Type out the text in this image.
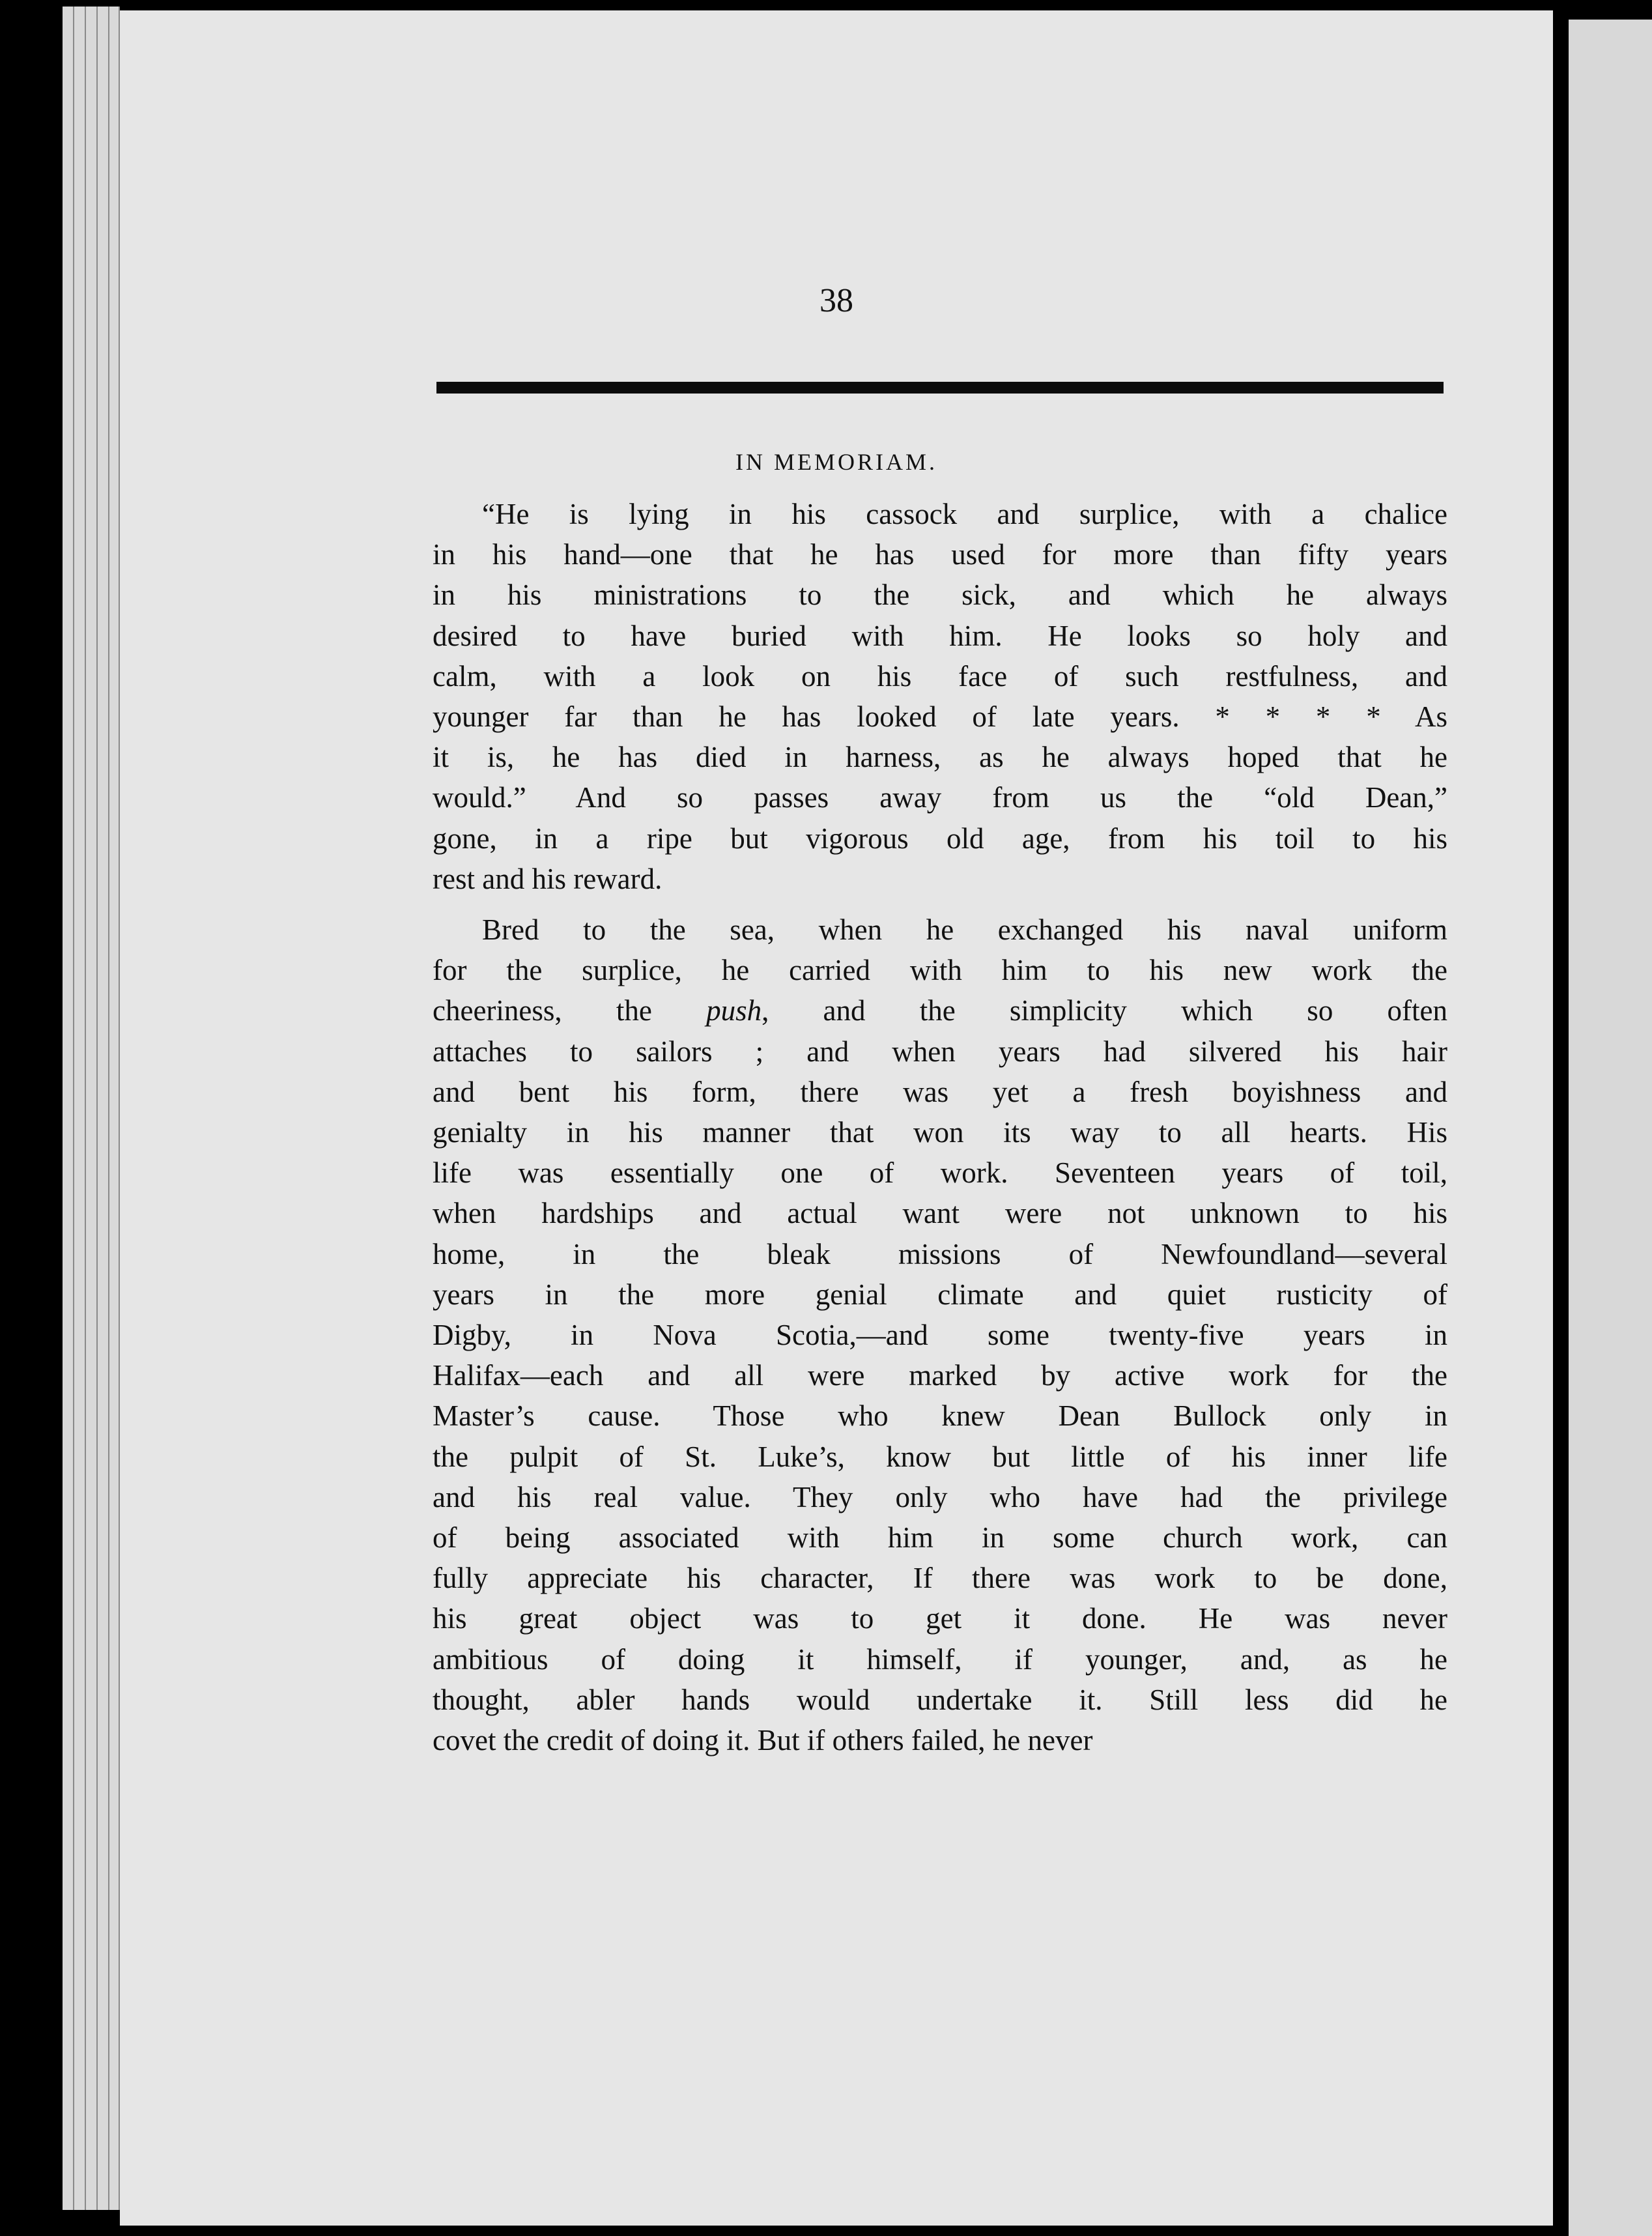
38
IN MEMORIAM.
“He is lying in his cassock and surplice, with a chalice
in his hand—one that he has used for more than fifty years
in his ministrations to the sick, and which he always
desired to have buried with him. He looks so holy and
calm, with a look on his face of such restfulness, and
younger far than he has looked of late years. * * * * As
it is, he has died in harness, as he always hoped that he
would.” And so passes away from us the “old Dean,”
gone, in a ripe but vigorous old age, from his toil to his
rest and his reward.
Bred to the sea, when he exchanged his naval uniform
for the surplice, he carried with him to his new work the
cheeriness, the push, and the simplicity which so often
attaches to sailors ; and when years had silvered his hair
and bent his form, there was yet a fresh boyishness and
genialty in his manner that won its way to all hearts. His
life was essentially one of work. Seventeen years of toil,
when hardships and actual want were not unknown to his
home, in the bleak missions of Newfoundland—several
years in the more genial climate and quiet rusticity of
Digby, in Nova Scotia,—and some twenty-five years in
Halifax—each and all were marked by active work for the
Master’s cause. Those who knew Dean Bullock only in
the pulpit of St. Luke’s, know but little of his inner life
and his real value. They only who have had the privilege
of being associated with him in some church work, can
fully appreciate his character, If there was work to be done,
his great object was to get it done. He was never
ambitious of doing it himself, if younger, and, as he
thought, abler hands would undertake it. Still less did he
covet the credit of doing it. But if others failed, he never
